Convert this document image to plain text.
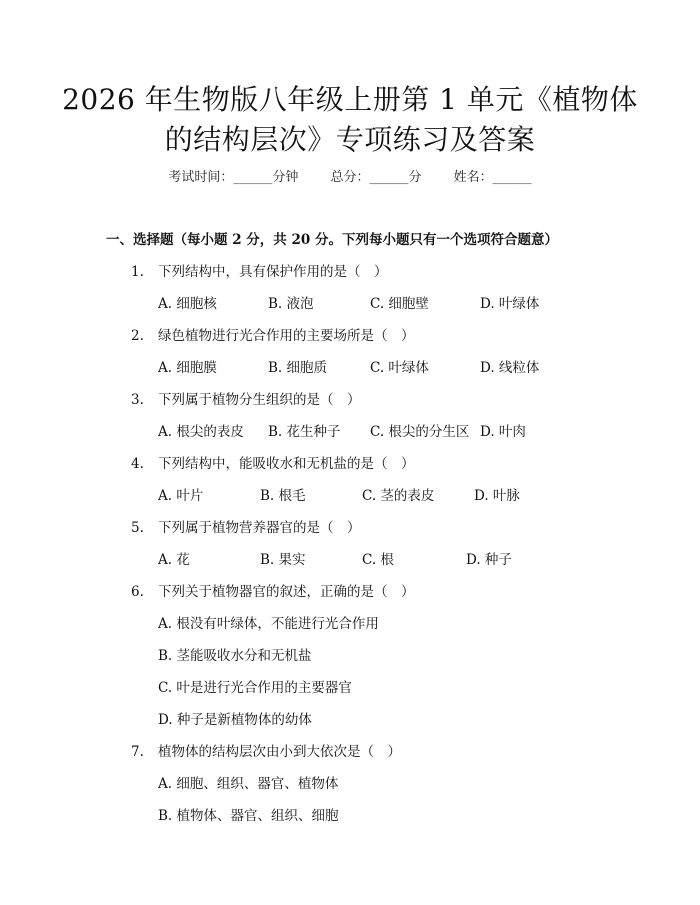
2026 年生物版八年级上册第 1 单元《植物体
的结构层次》专项练习及答案
考试时间：______分钟 总分：______分 姓名：______
一、选择题（每小题 2 分，共 20 分。下列每小题只有一个选项符合题意）
1. 下列结构中，具有保护作用的是（　）
A. 细胞核	B. 液泡	C. 细胞壁	D. 叶绿体
2. 绿色植物进行光合作用的主要场所是（　）
A. 细胞膜	B. 细胞质	C. 叶绿体	D. 线粒体
3. 下列属于植物分生组织的是（　）
A. 根尖的表皮 B. 花生种子 C. 根尖的分生区 D. 叶肉
4. 下列结构中，能吸收水和无机盐的是（　）
A. 叶片	B. 根毛	C. 茎的表皮	D. 叶脉
5. 下列属于植物营养器官的是（　）
A. 花	B. 果实	C. 根	D. 种子
6. 下列关于植物器官的叙述，正确的是（　）
A. 根没有叶绿体，不能进行光合作用
B. 茎能吸收水分和无机盐
C. 叶是进行光合作用的主要器官
D. 种子是新植物体的幼体
7. 植物体的结构层次由小到大依次是（　）
A. 细胞、组织、器官、植物体
B. 植物体、器官、组织、细胞
